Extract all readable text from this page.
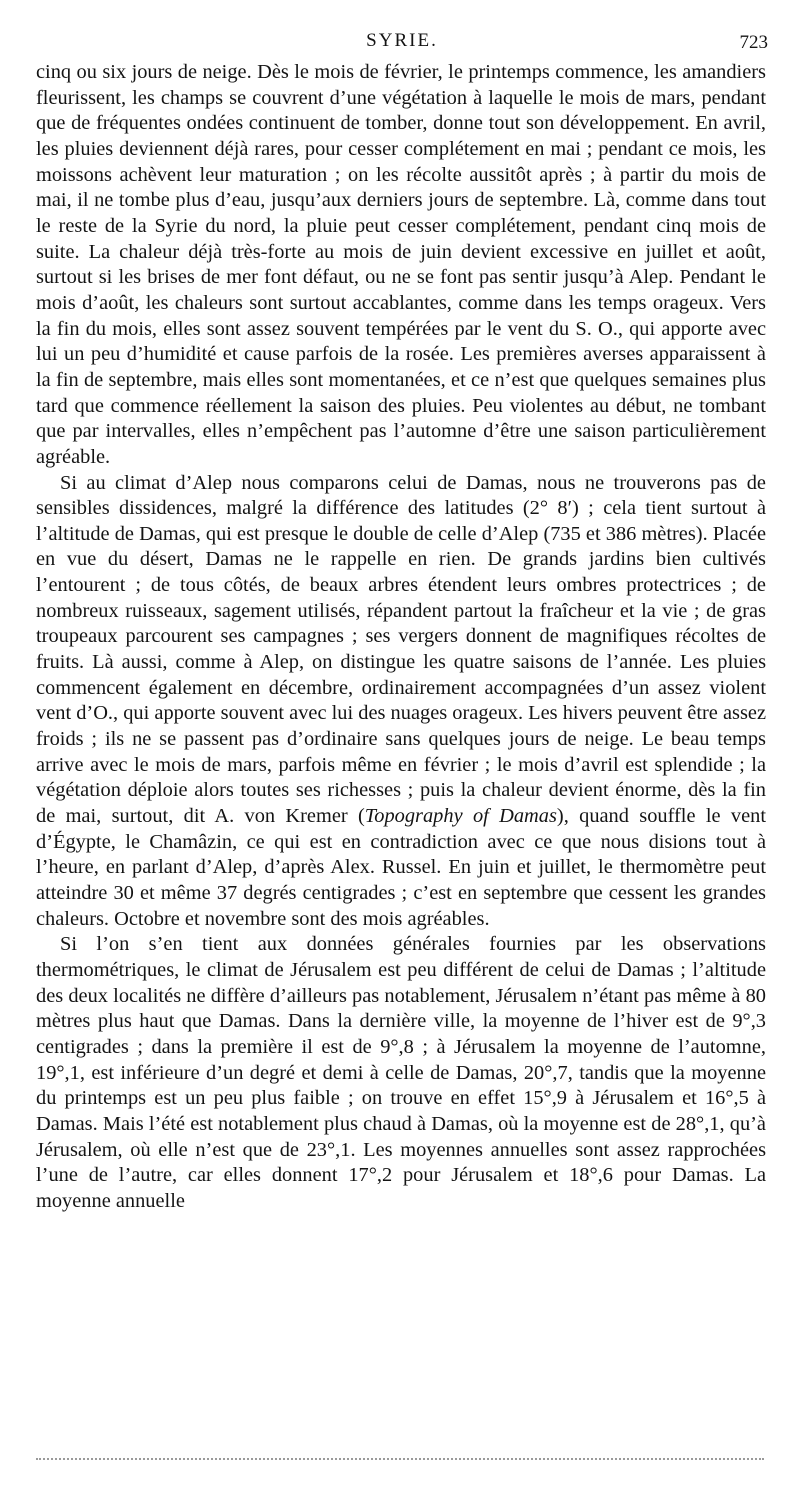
SYRIE.	723

cinq ou six jours de neige. Dès le mois de février, le printemps commence, les amandiers fleurissent, les champs se couvrent d’une végétation à laquelle le mois de mars, pendant que de fréquentes ondées continuent de tomber, donne tout son développement. En avril, les pluies deviennent déjà rares, pour cesser complétement en mai ; pendant ce mois, les moissons achèvent leur maturation ; on les récolte aussitôt après ; à partir du mois de mai, il ne tombe plus d’eau, jusqu’aux derniers jours de septembre. Là, comme dans tout le reste de la Syrie du nord, la pluie peut cesser complétement, pendant cinq mois de suite. La chaleur déjà très-forte au mois de juin devient excessive en juillet et août, surtout si les brises de mer font défaut, ou ne se font pas sentir jusqu’à Alep. Pendant le mois d’août, les chaleurs sont surtout accablantes, comme dans les temps orageux. Vers la fin du mois, elles sont assez souvent tempérées par le vent du S. O., qui apporte avec lui un peu d’humidité et cause parfois de la rosée. Les premières averses apparaissent à la fin de septembre, mais elles sont momentanées, et ce n’est que quelques semaines plus tard que commence réellement la saison des pluies. Peu violentes au début, ne tombant que par intervalles, elles n’empêchent pas l’automne d’être une saison particulièrement agréable.

Si au climat d’Alep nous comparons celui de Damas, nous ne trouverons pas de sensibles dissidences, malgré la différence des latitudes (2° 8′) ; cela tient surtout à l’altitude de Damas, qui est presque le double de celle d’Alep (735 et 386 mètres). Placée en vue du désert, Damas ne le rappelle en rien. De grands jardins bien cultivés l’entourent ; de tous côtés, de beaux arbres étendent leurs ombres protectrices ; de nombreux ruisseaux, sagement utilisés, répandent partout la fraîcheur et la vie ; de gras troupeaux parcourent ses campagnes ; ses vergers donnent de magnifiques récoltes de fruits. Là aussi, comme à Alep, on distingue les quatre saisons de l’année. Les pluies commencent également en décembre, ordinairement accompagnées d’un assez violent vent d’O., qui apporte souvent avec lui des nuages orageux. Les hivers peuvent être assez froids ; ils ne se passent pas d’ordinaire sans quelques jours de neige. Le beau temps arrive avec le mois de mars, parfois même en février ; le mois d’avril est splendide ; la végétation déploie alors toutes ses richesses ; puis la chaleur devient énorme, dès la fin de mai, surtout, dit A. von Kremer (Topography of Damas), quand souffle le vent d’Égypte, le Chamâzin, ce qui est en contradiction avec ce que nous disions tout à l’heure, en parlant d’Alep, d’après Alex. Russel. En juin et juillet, le thermomètre peut atteindre 30 et même 37 degrés centigrades ; c’est en septembre que cessent les grandes chaleurs. Octobre et novembre sont des mois agréables.

Si l’on s’en tient aux données générales fournies par les observations thermométriques, le climat de Jérusalem est peu différent de celui de Damas ; l’altitude des deux localités ne diffère d’ailleurs pas notablement, Jérusalem n’étant pas même à 80 mètres plus haut que Damas. Dans la dernière ville, la moyenne de l’hiver est de 9°,3 centigrades ; dans la première il est de 9°,8 ; à Jérusalem la moyenne de l’automne, 19°,1, est inférieure d’un degré et demi à celle de Damas, 20°,7, tandis que la moyenne du printemps est un peu plus faible ; on trouve en effet 15°,9 à Jérusalem et 16°,5 à Damas. Mais l’été est notablement plus chaud à Damas, où la moyenne est de 28°,1, qu’à Jérusalem, où elle n’est que de 23°,1. Les moyennes annuelles sont assez rapprochées l’une de l’autre, car elles donnent 17°,2 pour Jérusalem et 18°,6 pour Damas. La moyenne annuelle
